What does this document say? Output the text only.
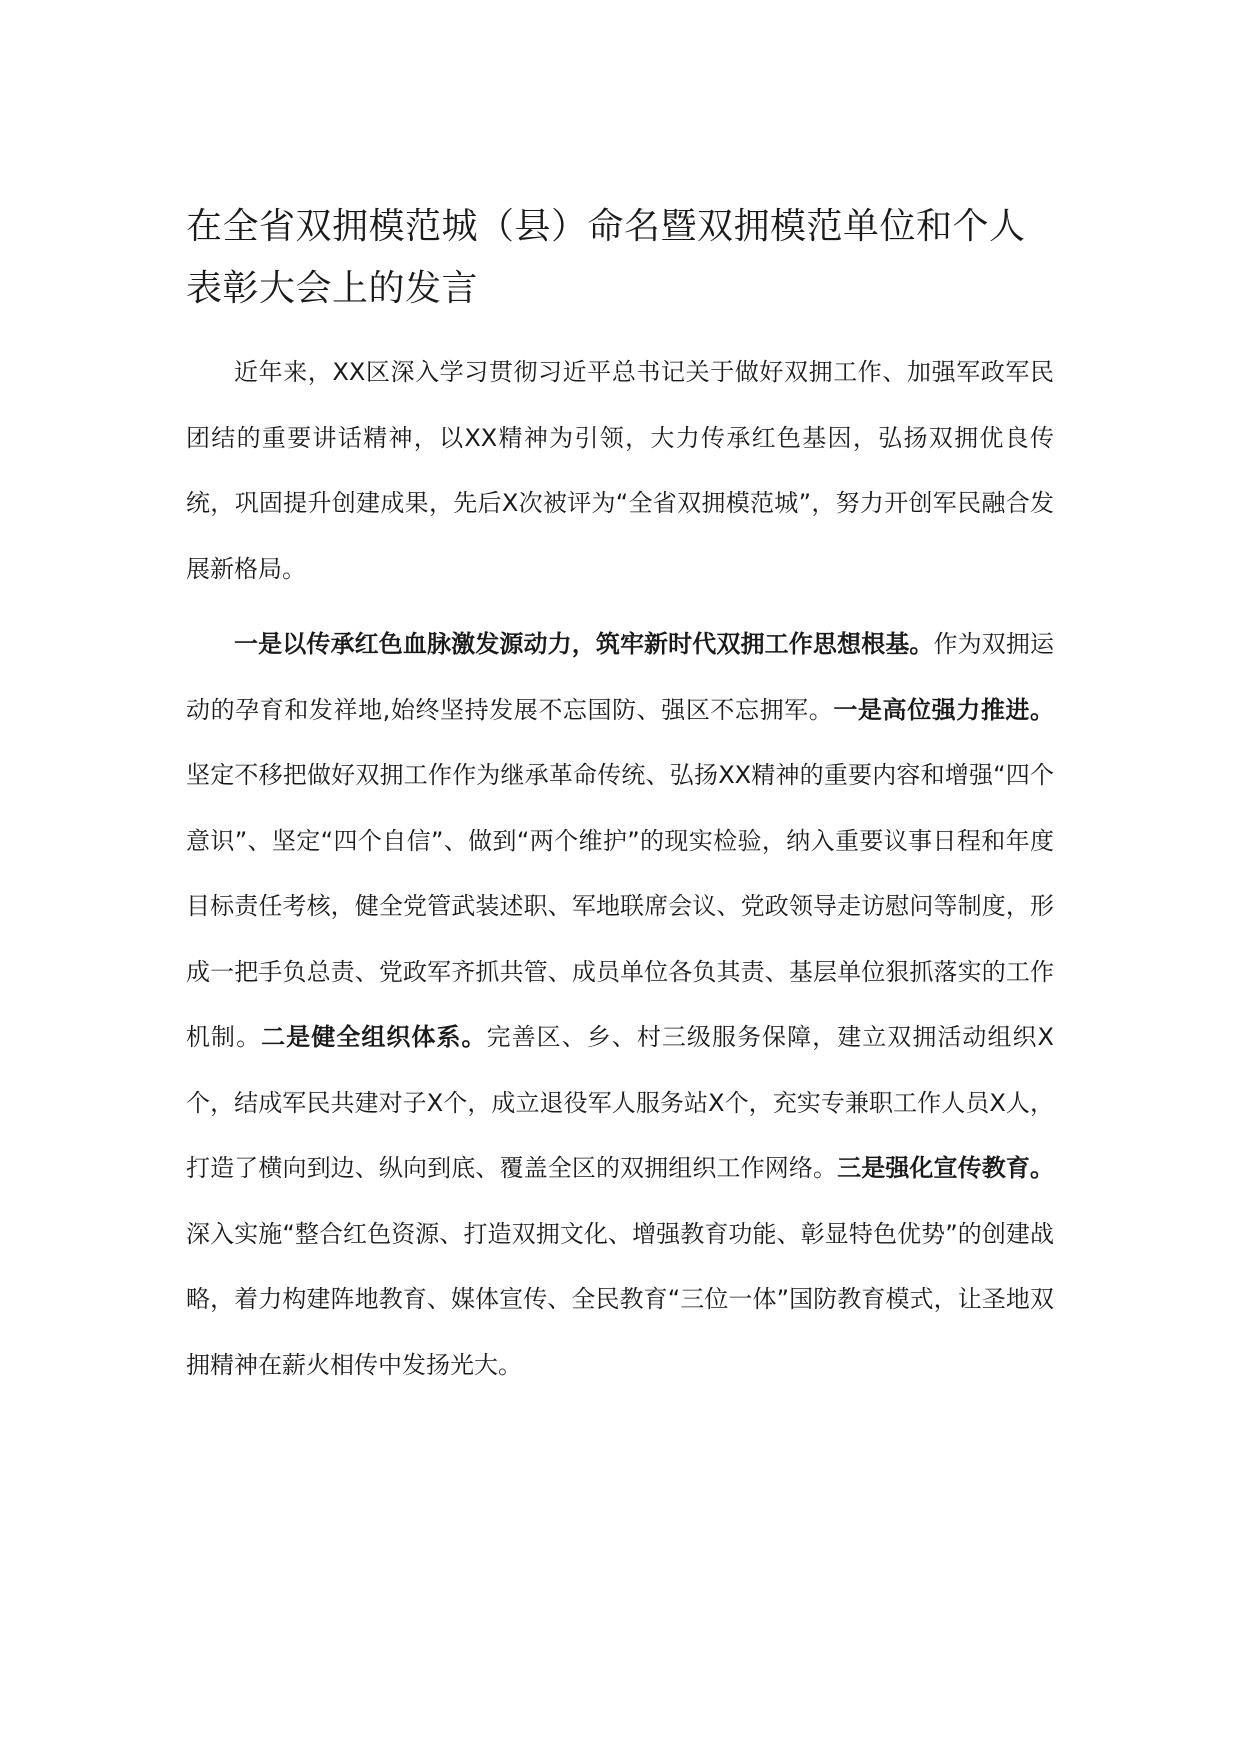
在全省双拥模范城（县）命名暨双拥模范单位和个人表彰大会上的发言

近年来，XX区深入学习贯彻习近平总书记关于做好双拥工作、加强军政军民团结的重要讲话精神，以XX精神为引领，大力传承红色基因，弘扬双拥优良传统，巩固提升创建成果，先后X次被评为“全省双拥模范城”，努力开创军民融合发展新格局。

一是以传承红色血脉激发源动力，筑牢新时代双拥工作思想根基。作为双拥运动的孕育和发祥地,始终坚持发展不忘国防、强区不忘拥军。一是高位强力推进。坚定不移把做好双拥工作作为继承革命传统、弘扬XX精神的重要内容和增强“四个意识”、坚定“四个自信”、做到“两个维护”的现实检验，纳入重要议事日程和年度目标责任考核，健全党管武装述职、军地联席会议、党政领导走访慰问等制度，形成一把手负总责、党政军齐抓共管、成员单位各负其责、基层单位狠抓落实的工作机制。二是健全组织体系。完善区、乡、村三级服务保障，建立双拥活动组织X个，结成军民共建对子X个，成立退役军人服务站X个，充实专兼职工作人员X人，打造了横向到边、纵向到底、覆盖全区的双拥组织工作网络。三是强化宣传教育。深入实施“整合红色资源、打造双拥文化、增强教育功能、彰显特色优势”的创建战略，着力构建阵地教育、媒体宣传、全民教育“三位一体”国防教育模式，让圣地双拥精神在薪火相传中发扬光大。
